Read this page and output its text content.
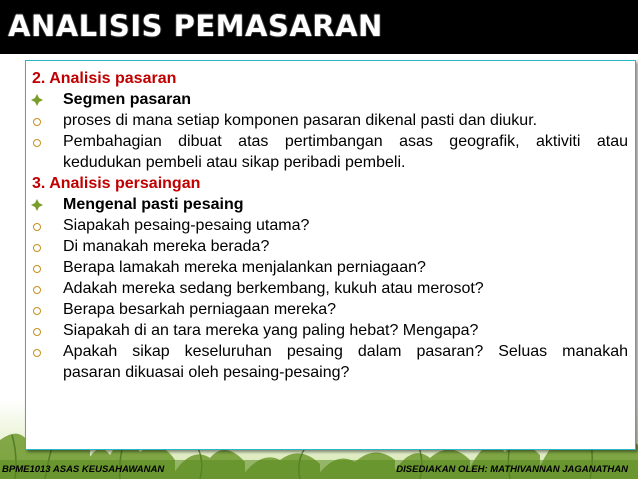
ANALISIS PEMASARAN
2. Analisis pasaran
Segmen pasaran
proses di mana setiap komponen pasaran dikenal pasti dan diukur.
Pembahagian dibuat atas pertimbangan asas geografik, aktiviti atau
kedudukan pembeli atau sikap peribadi pembeli.
3. Analisis persaingan
Mengenal pasti pesaing
Siapakah pesaing-pesaing utama?
Di manakah mereka berada?
Berapa lamakah mereka menjalankan perniagaan?
Adakah mereka sedang berkembang, kukuh atau merosot?
Berapa besarkah perniagaan mereka?
Siapakah di an tara mereka yang paling hebat? Mengapa?
Apakah sikap keseluruhan pesaing dalam pasaran? Seluas manakah
pasaran dikuasai oleh pesaing-pesaing?
BPME1013 ASAS KEUSAHAWANAN	DISEDIAKAN OLEH: MATHIVANNAN JAGANATHAN
